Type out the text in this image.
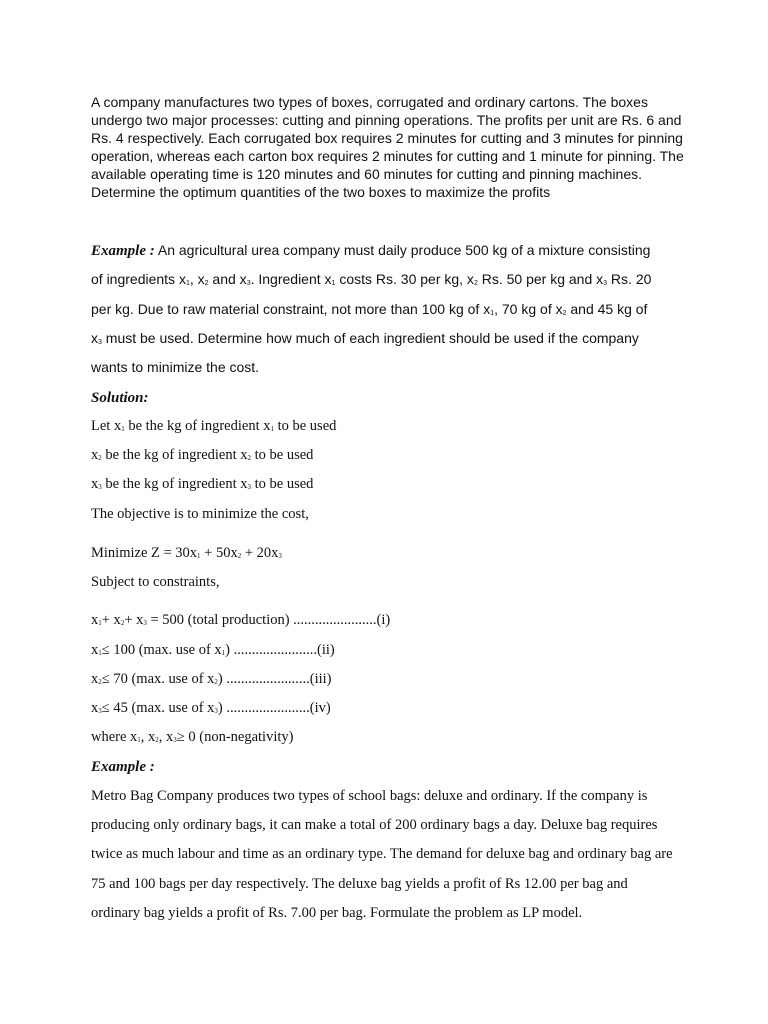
A company manufactures two types of boxes, corrugated and ordinary cartons. The boxes undergo two major processes: cutting and pinning operations. The profits per unit are Rs. 6 and Rs. 4 respectively. Each corrugated box requires 2 minutes for cutting and 3 minutes for pinning operation, whereas each carton box requires 2 minutes for cutting and 1 minute for pinning. The available operating time is 120 minutes and 60 minutes for cutting and pinning machines. Determine the optimum quantities of the two boxes to maximize the profits

Example : An agricultural urea company must daily produce 500 kg of a mixture consisting
of ingredients $x_1$, $x_2$ and $x_3$. Ingredient $x_1$ costs Rs. 30 per kg, $x_2$ Rs. 50 per kg and $x_3$ Rs. 20
per kg. Due to raw material constraint, not more than 100 kg of $x_1$, 70 kg of $x_2$ and 45 kg of
$x_3$ must be used. Determine how much of each ingredient should be used if the company
wants to minimize the cost.
Solution:
Let $x_1$ be the kg of ingredient $x_1$ to be used
$x_2$ be the kg of ingredient $x_2$ to be used
$x_3$ be the kg of ingredient $x_3$ to be used
The objective is to minimize the cost,
Minimize $Z = 30x_1 + 50x_2 + 20x_3$
Subject to constraints,
$x_1+ x_2+ x_3 = 500$ (total production) .......................(i)
$x_1\le 100$ (max. use of $x_1$) .......................(ii)
$x_2\le 70$ (max. use of $x_2$) .......................(iii)
$x_3\le 45$ (max. use of $x_3$) .......................(iv)
where $x_1$, $x_2$, $x_3\ge 0$ (non-negativity)
Example :
Metro Bag Company produces two types of school bags: deluxe and ordinary. If the company is
producing only ordinary bags, it can make a total of 200 ordinary bags a day. Deluxe bag requires
twice as much labour and time as an ordinary type. The demand for deluxe bag and ordinary bag are
75 and 100 bags per day respectively. The deluxe bag yields a profit of Rs 12.00 per bag and
ordinary bag yields a profit of Rs. 7.00 per bag. Formulate the problem as LP model.
